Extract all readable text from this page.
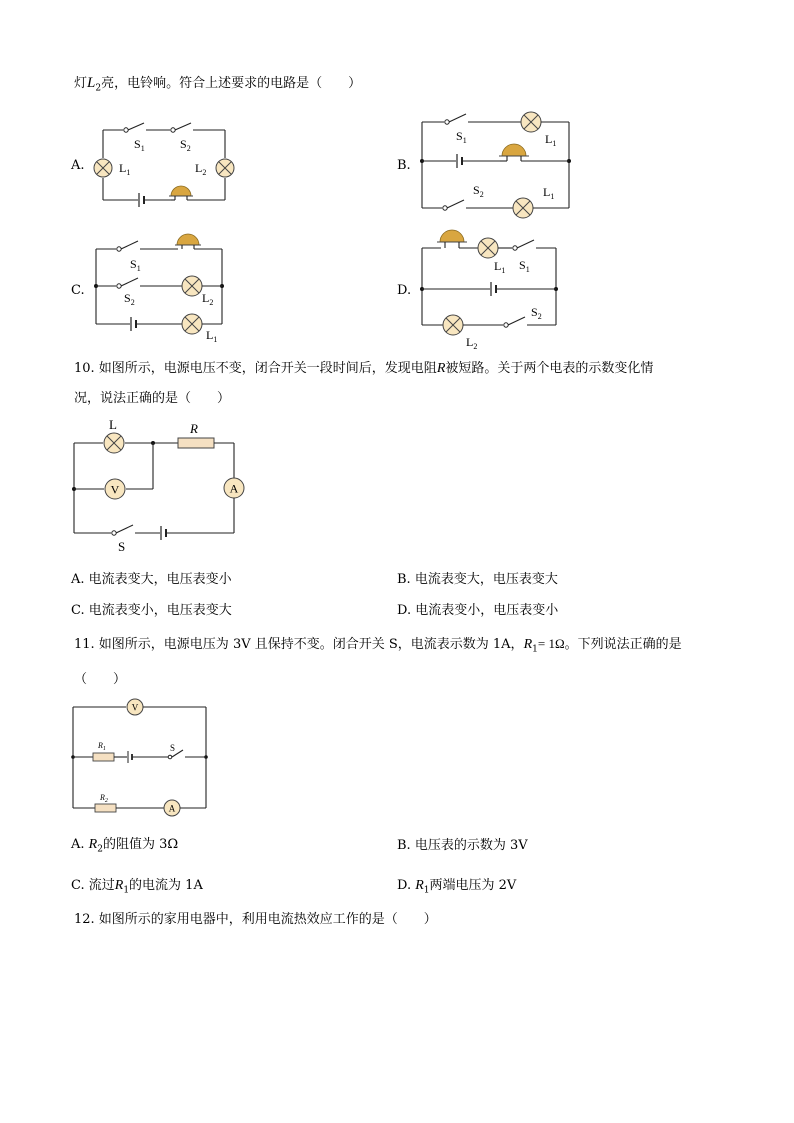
灯$L_2$亮，电铃响。符合上述要求的电路是（　　）
A.
$S_1$	$S_2$
$L_1$	$L_2$	B.
$S_1$	$L_1$
$S_2$	$L_1$
C.
$S_1$
$S_2$	$L_2$
$L_1$
D.
$L_1$ $S_1$
$S_2$
$L_2$
10. 如图所示，电源电压不变，闭合开关一段时间后，发现电阻R被短路。关于两个电表的示数变化情
况，说法正确的是（　　）
V	A
L	R
S
A. 电流表变大，电压表变小	B. 电流表变大，电压表变大
C. 电流表变小，电压表变大	D. 电流表变小，电压表变小
11. 如图所示，电源电压为 3V 且保持不变。闭合开关 S，电流表示数为 1A，$R_1= 1\Omega$。下列说法正确的是
（　　）
V
A
$R_1$	S
$R_2$
A. $R_2$的阻值为 3Ω	B. 电压表的示数为 3V
C. 流过$R_1$的电流为 1A	D. $R_1$两端电压为 2V
12. 如图所示的家用电器中，利用电流热效应工作的是（　　）
